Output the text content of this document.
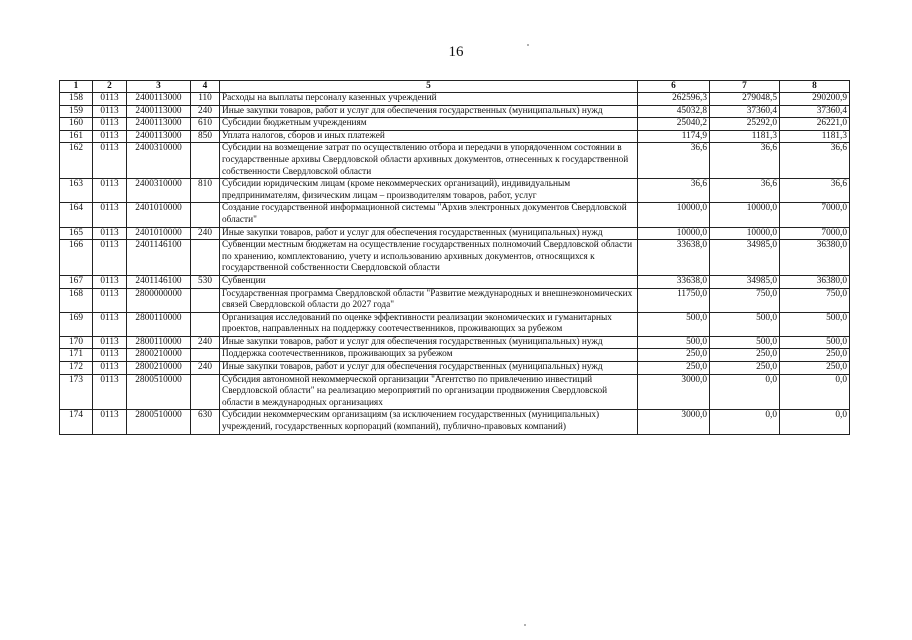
16
1	2	3	4	5	6	7	8
158	0113	2400113000	110	Расходы на выплаты персоналу казенных учреждений	262596,3	279048,5	290200,9
159	0113	2400113000	240	Иные закупки товаров, работ и услуг для обеспечения государственных (муниципальных) нужд	45032,8	37360,4	37360,4
160	0113	2400113000	610	Субсидии бюджетным учреждениям	25040,2	25292,0	26221,0
161	0113	2400113000	850	Уплата налогов, сборов и иных платежей	1174,9	1181,3	1181,3
162	0113	2400310000		Субсидии на возмещение затрат по осуществлению отбора и передачи в упорядоченном состоянии в государственные архивы Свердловской области архивных документов, отнесенных к государственной собственности Свердловской области	36,6	36,6	36,6
163	0113	2400310000	810	Субсидии юридическим лицам (кроме некоммерческих организаций), индивидуальным предпринимателям, физическим лицам – производителям товаров, работ, услуг	36,6	36,6	36,6
164	0113	2401010000		Создание государственной информационной системы "Архив электронных документов Свердловской области"	10000,0	10000,0	7000,0
165	0113	2401010000	240	Иные закупки товаров, работ и услуг для обеспечения государственных (муниципальных) нужд	10000,0	10000,0	7000,0
166	0113	2401146100		Субвенции местным бюджетам на осуществление государственных полномочий Свердловской области по хранению, комплектованию, учету и использованию архивных документов, относящихся к государственной собственности Свердловской области	33638,0	34985,0	36380,0
167	0113	2401146100	530	Субвенции	33638,0	34985,0	36380,0
168	0113	2800000000		Государственная программа Свердловской области "Развитие международных и внешнеэкономических связей Свердловской области до 2027 года"	11750,0	750,0	750,0
169	0113	2800110000		Организация исследований по оценке эффективности реализации экономических и гуманитарных проектов, направленных на поддержку соотечественников, проживающих за рубежом	500,0	500,0	500,0
170	0113	2800110000	240	Иные закупки товаров, работ и услуг для обеспечения государственных (муниципальных) нужд	500,0	500,0	500,0
171	0113	2800210000		Поддержка соотечественников, проживающих за рубежом	250,0	250,0	250,0
172	0113	2800210000	240	Иные закупки товаров, работ и услуг для обеспечения государственных (муниципальных) нужд	250,0	250,0	250,0
173	0113	2800510000		Субсидия автономной некоммерческой организации "Агентство по привлечению инвестиций Свердловской области" на реализацию мероприятий по организации продвижения Свердловской области в международных организациях	3000,0	0,0	0,0
174	0113	2800510000	630	Субсидии некоммерческим организациям (за исключением государственных (муниципальных) учреждений, государственных корпораций (компаний), публично-правовых компаний)	3000,0	0,0	0,0
